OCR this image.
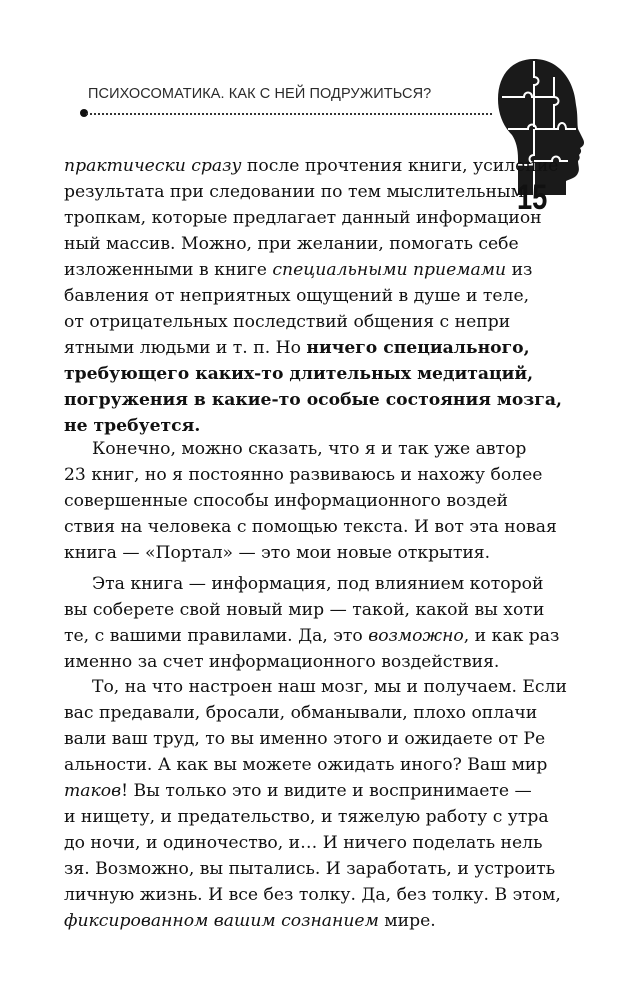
ПСИХОСОМАТИКА. КАК С НЕЙ ПОДРУЖИТЬСЯ?
15
практически сразу после прочтения книги, усиление
результата при следовании по тем мыслительным
тропкам, которые предлагает данный информацион
ный массив. Можно, при желании, помогать себе
изложенными в книге специальными приемами из
бавления от неприятных ощущений в душе и теле,
от отрицательных последствий общения с непри
ятными людьми и т. п. Но ничего специального,
требующего каких-то длительных медитаций,
погружения в какие-то особые состояния мозга,
не требуется.
Конечно, можно сказать, что я и так уже автор
23 книг, но я постоянно развиваюсь и нахожу более
совершенные способы информационного воздей
ствия на человека с помощью текста. И вот эта новая
книга — «Портал» — это мои новые открытия.
Эта книга — информация, под влиянием которой
вы соберете свой новый мир — такой, какой вы хоти
те, с вашими правилами. Да, это возможно, и как раз
именно за счет информационного воздействия.
То, на что настроен наш мозг, мы и получаем. Если
вас предавали, бросали, обманывали, плохо оплачи
вали ваш труд, то вы именно этого и ожидаете от Ре
альности. А как вы можете ожидать иного? Ваш мир
таков! Вы только это и видите и воспринимаете —
и нищету, и предательство, и тяжелую работу с утра
до ночи, и одиночество, и… И ничего поделать нель
зя. Возможно, вы пытались. И заработать, и устроить
личную жизнь. И все без толку. Да, без толку. В этом,
фиксированном вашим сознанием мире.
